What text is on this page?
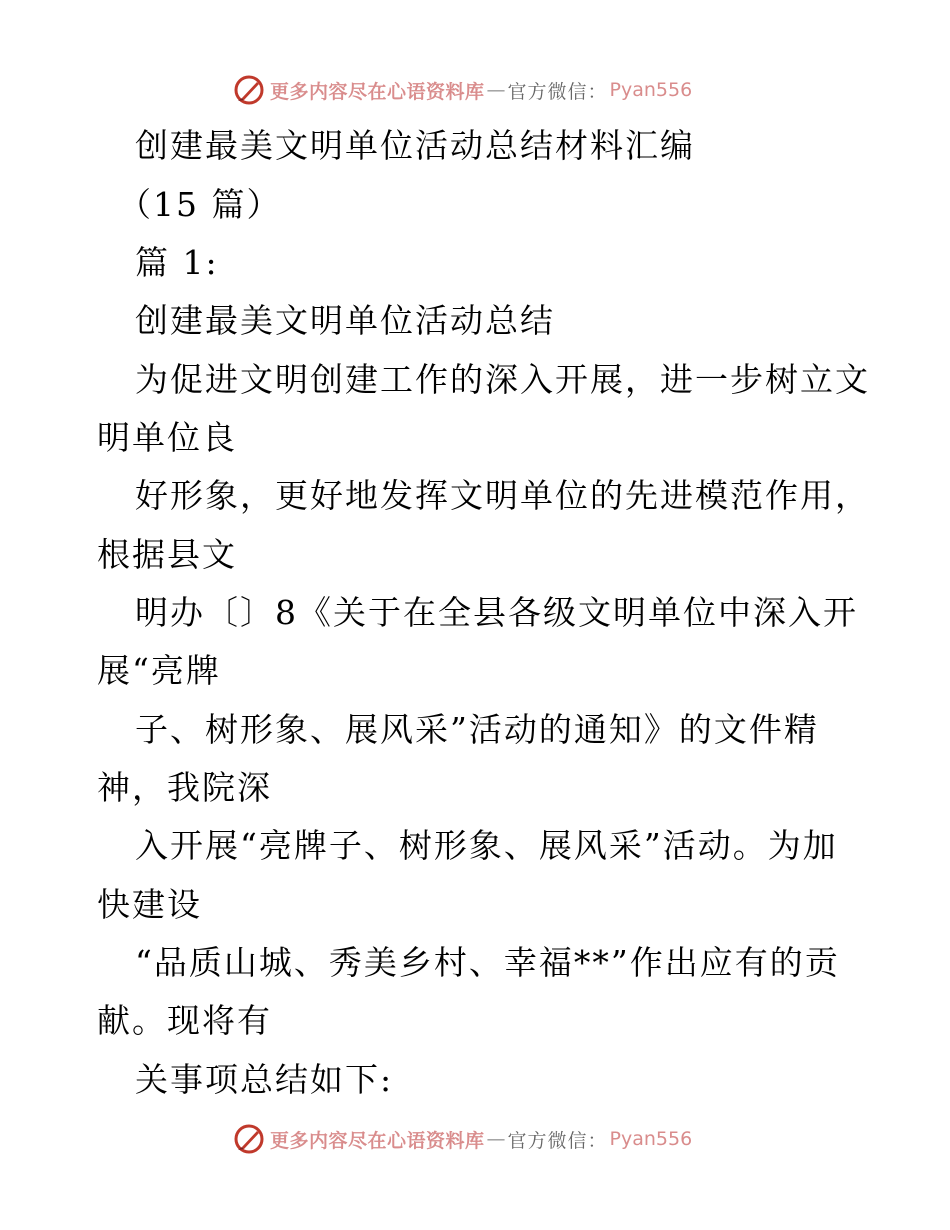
更多内容尽在心语资料库 — 官方微信： Pyan556
创建最美文明单位活动总结材料汇编
（15 篇）
篇 1:
创建最美文明单位活动总结
为促进文明创建工作的深入开展，进一步树立文
明单位良
好形象，更好地发挥文明单位的先进模范作用，
根据县文
明办〔〕8《关于在全县各级文明单位中深入开
展“亮牌
子、树形象、展风采”活动的通知》的文件精
神，我院深
入开展“亮牌子、树形象、展风采”活动。为加
快建设
“品质山城、秀美乡村、幸福**”作出应有的贡
献。现将有
关事项总结如下:
更多内容尽在心语资料库 — 官方微信： Pyan556
